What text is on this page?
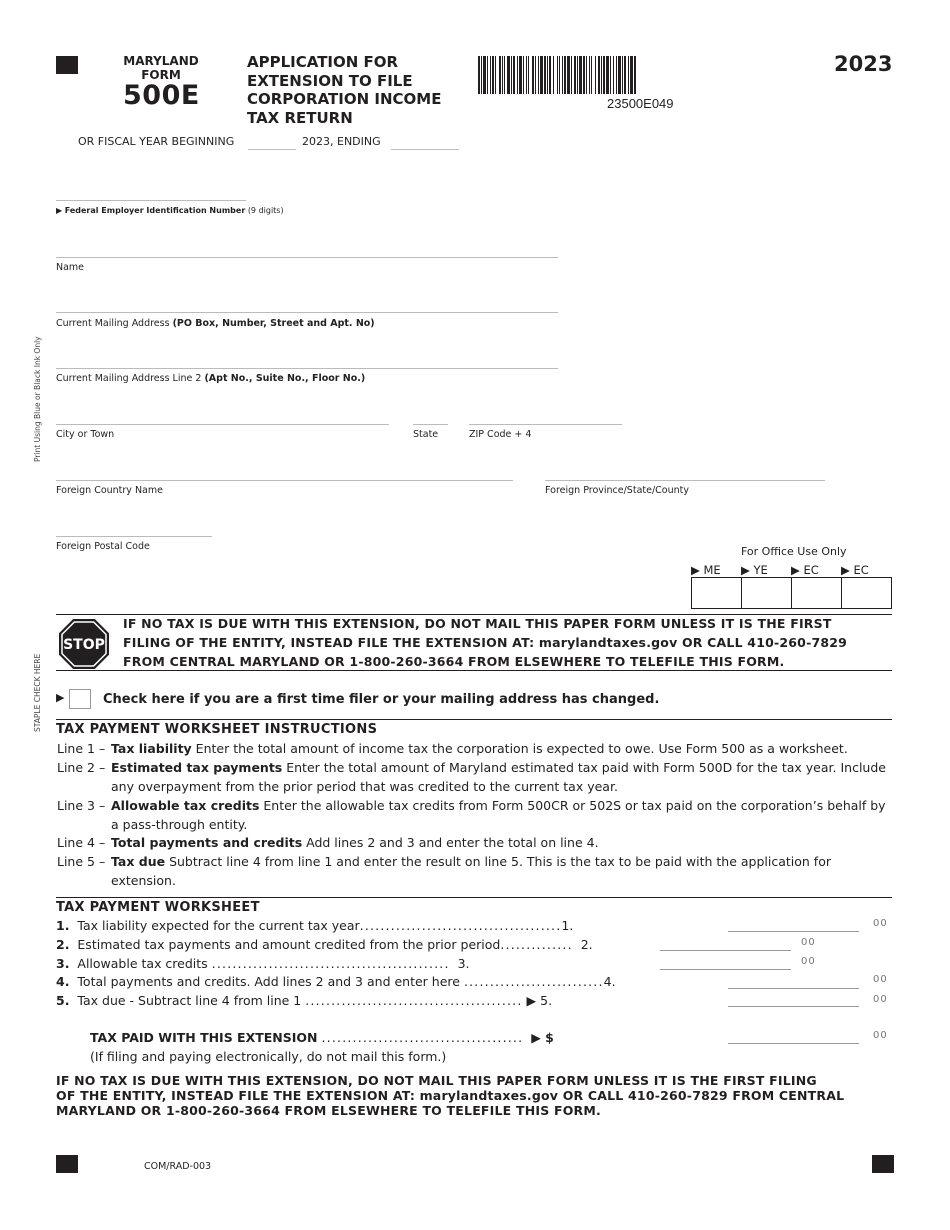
MARYLAND
FORM
500E
APPLICATION FOR
EXTENSION TO FILE
CORPORATION INCOME
TAX RETURN
23500E049
2023
OR FISCAL YEAR BEGINNING	2023, ENDING
Print Using Blue or Black Ink Only
STAPLE CHECK HERE
▶ Federal Employer Identification Number (9 digits)
Name
Current Mailing Address (PO Box, Number, Street and Apt. No)
Current Mailing Address Line 2 (Apt No., Suite No., Floor No.)
City or Town	State	ZIP Code + 4
Foreign Country Name	Foreign Province/State/County
Foreign Postal Code	For Office Use Only
▶ ME ▶ YE ▶ EC ▶ EC
STOP
IF NO TAX IS DUE WITH THIS EXTENSION, DO NOT MAIL THIS PAPER FORM UNLESS IT IS THE FIRST
FILING OF THE ENTITY, INSTEAD FILE THE EXTENSION AT: marylandtaxes.gov OR CALL 410-260-7829
FROM CENTRAL MARYLAND OR 1-800-260-3664 FROM ELSEWHERE TO TELEFILE THIS FORM.
▶	Check here if you are a first time filer or your mailing address has changed.
TAX PAYMENT WORKSHEET INSTRUCTIONS
Line 1 – Tax liability Enter the total amount of income tax the corporation is expected to owe. Use Form 500 as a worksheet.
Line 2 – Estimated tax payments Enter the total amount of Maryland estimated tax paid with Form 500D for the tax year. Include
any overpayment from the prior period that was credited to the current tax year.
Line 3 – Allowable tax credits Enter the allowable tax credits from Form 500CR or 502S or tax paid on the corporation’s behalf by
a pass-through entity.
Line 4 – Total payments and credits Add lines 2 and 3 and enter the total on line 4.
Line 5 – Tax due Subtract line 4 from line 1 and enter the result on line 5. This is the tax to be paid with the application for
extension.
TAX PAYMENT WORKSHEET
1. Tax liability expected for the current tax year.......................................1.	00
2. Estimated tax payments and amount credited from the prior period.............. 2.	00
3. Allowable tax credits .............................................. 3.	00
4. Total payments and credits. Add lines 2 and 3 and enter here ...........................4.	00
5. Tax due - Subtract line 4 from line 1 .......................................... ▶ 5.	00
TAX PAID WITH THIS EXTENSION ....................................... ▶ $	00
(If filing and paying electronically, do not mail this form.)
IF NO TAX IS DUE WITH THIS EXTENSION, DO NOT MAIL THIS PAPER FORM UNLESS IT IS THE FIRST FILING
OF THE ENTITY, INSTEAD FILE THE EXTENSION AT: marylandtaxes.gov OR CALL 410-260-7829 FROM CENTRAL
MARYLAND OR 1-800-260-3664 FROM ELSEWHERE TO TELEFILE THIS FORM.
COM/RAD-003
